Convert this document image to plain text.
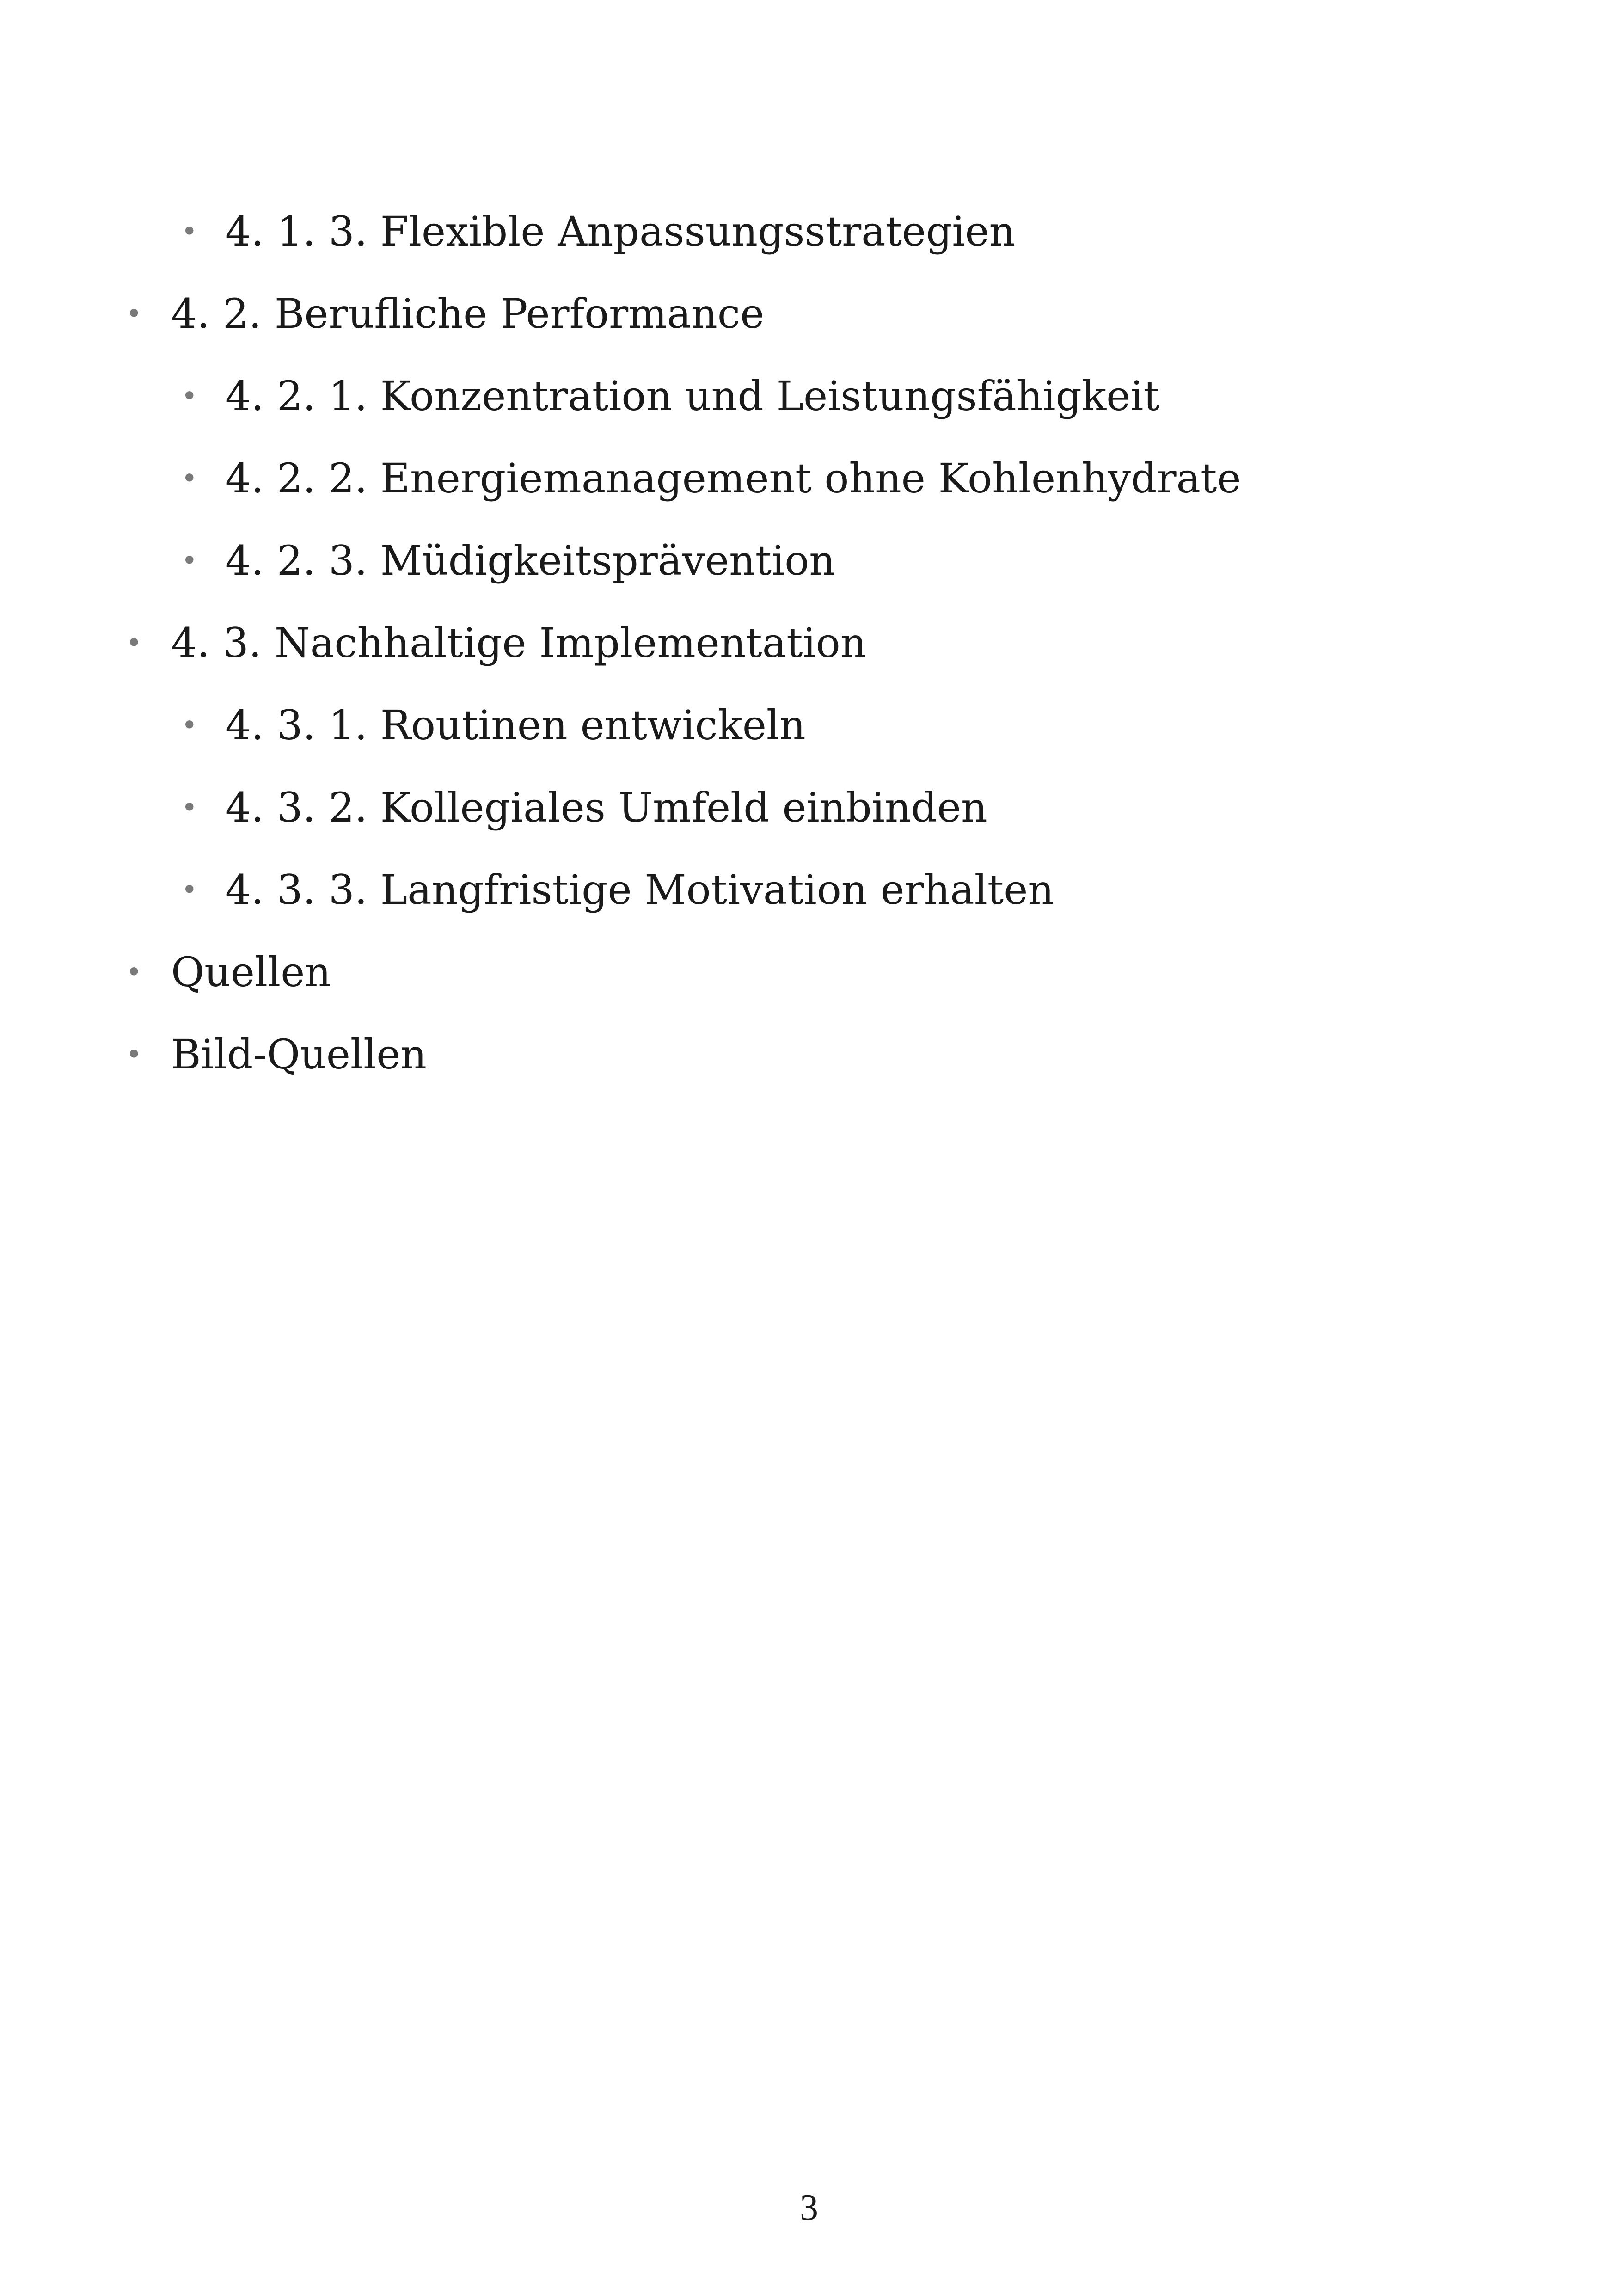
• 4. 1. 3. Flexible Anpassungsstrategien
• 4. 2. Berufliche Performance
• 4. 2. 1. Konzentration und Leistungsfähigkeit
• 4. 2. 2. Energiemanagement ohne Kohlenhydrate
• 4. 2. 3. Müdigkeitsprävention
• 4. 3. Nachhaltige Implementation
• 4. 3. 1. Routinen entwickeln
• 4. 3. 2. Kollegiales Umfeld einbinden
• 4. 3. 3. Langfristige Motivation erhalten
• Quellen
• Bild-Quellen
3
